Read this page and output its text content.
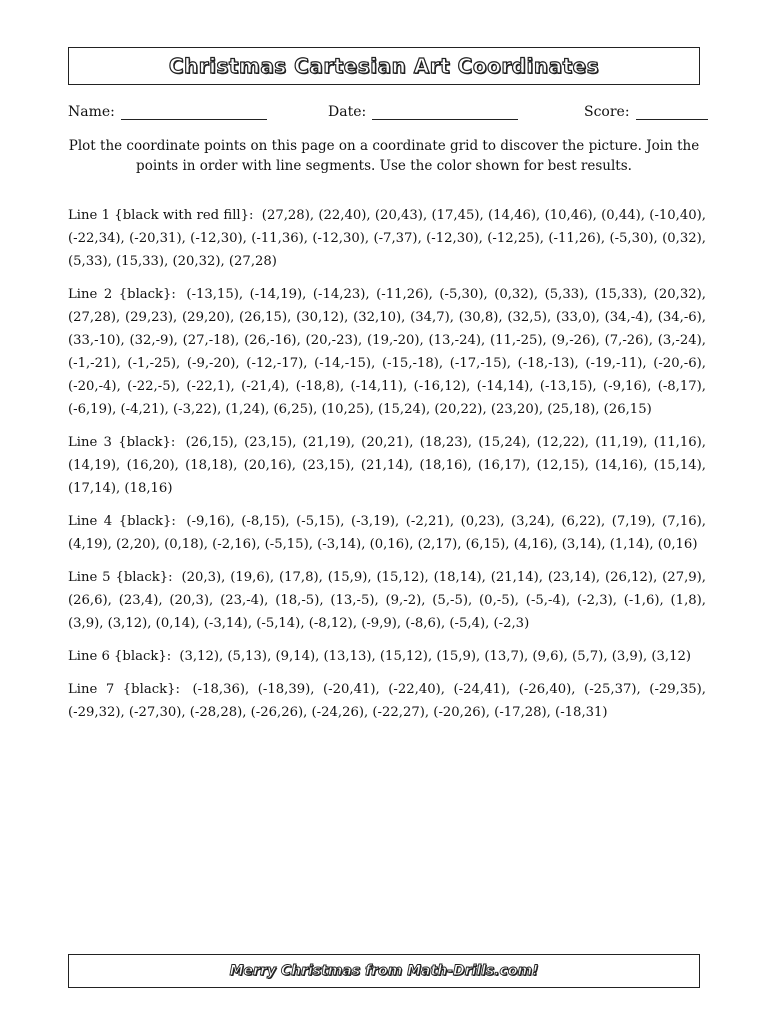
Christmas Cartesian Art Coordinates
Name:	Date:	Score:
Plot the coordinate points on this page on a coordinate grid to discover the picture. Join the points in order with line segments. Use the color shown for best results.

Line 1 {black with red fill}: (27,28), (22,40), (20,43), (17,45), (14,46), (10,46), (0,44), (-10,40), (-22,34), (-20,31), (-12,30), (-11,36), (-12,30), (-7,37), (-12,30), (-12,25), (-11,26), (-5,30), (0,32), (5,33), (15,33), (20,32), (27,28)

Line 2 {black}: (-13,15), (-14,19), (-14,23), (-11,26), (-5,30), (0,32), (5,33), (15,33), (20,32), (27,28), (29,23), (29,20), (26,15), (30,12), (32,10), (34,7), (30,8), (32,5), (33,0), (34,-4), (34,-6), (33,-10), (32,-9), (27,-18), (26,-16), (20,-23), (19,-20), (13,-24), (11,-25), (9,-26), (7,-26), (3,-24), (-1,-21), (-1,-25), (-9,-20), (-12,-17), (-14,-15), (-15,-18), (-17,-15), (-18,-13), (-19,-11), (-20,-6), (-20,-4), (-22,-5), (-22,1), (-21,4), (-18,8), (-14,11), (-16,12), (-14,14), (-13,15), (-9,16), (-8,17), (-6,19), (-4,21), (-3,22), (1,24), (6,25), (10,25), (15,24), (20,22), (23,20), (25,18), (26,15)

Line 3 {black}: (26,15), (23,15), (21,19), (20,21), (18,23), (15,24), (12,22), (11,19), (11,16), (14,19), (16,20), (18,18), (20,16), (23,15), (21,14), (18,16), (16,17), (12,15), (14,16), (15,14), (17,14), (18,16)

Line 4 {black}: (-9,16), (-8,15), (-5,15), (-3,19), (-2,21), (0,23), (3,24), (6,22), (7,19), (7,16), (4,19), (2,20), (0,18), (-2,16), (-5,15), (-3,14), (0,16), (2,17), (6,15), (4,16), (3,14), (1,14), (0,16)

Line 5 {black}: (20,3), (19,6), (17,8), (15,9), (15,12), (18,14), (21,14), (23,14), (26,12), (27,9), (26,6), (23,4), (20,3), (23,-4), (18,-5), (13,-5), (9,-2), (5,-5), (0,-5), (-5,-4), (-2,3), (-1,6), (1,8), (3,9), (3,12), (0,14), (-3,14), (-5,14), (-8,12), (-9,9), (-8,6), (-5,4), (-2,3)

Line 6 {black}: (3,12), (5,13), (9,14), (13,13), (15,12), (15,9), (13,7), (9,6), (5,7), (3,9), (3,12)

Line 7 {black}: (-18,36), (-18,39), (-20,41), (-22,40), (-24,41), (-26,40), (-25,37), (-29,35), (-29,32), (-27,30), (-28,28), (-26,26), (-24,26), (-22,27), (-20,26), (-17,28), (-18,31)

Merry Christmas from Math-Drills.com!
